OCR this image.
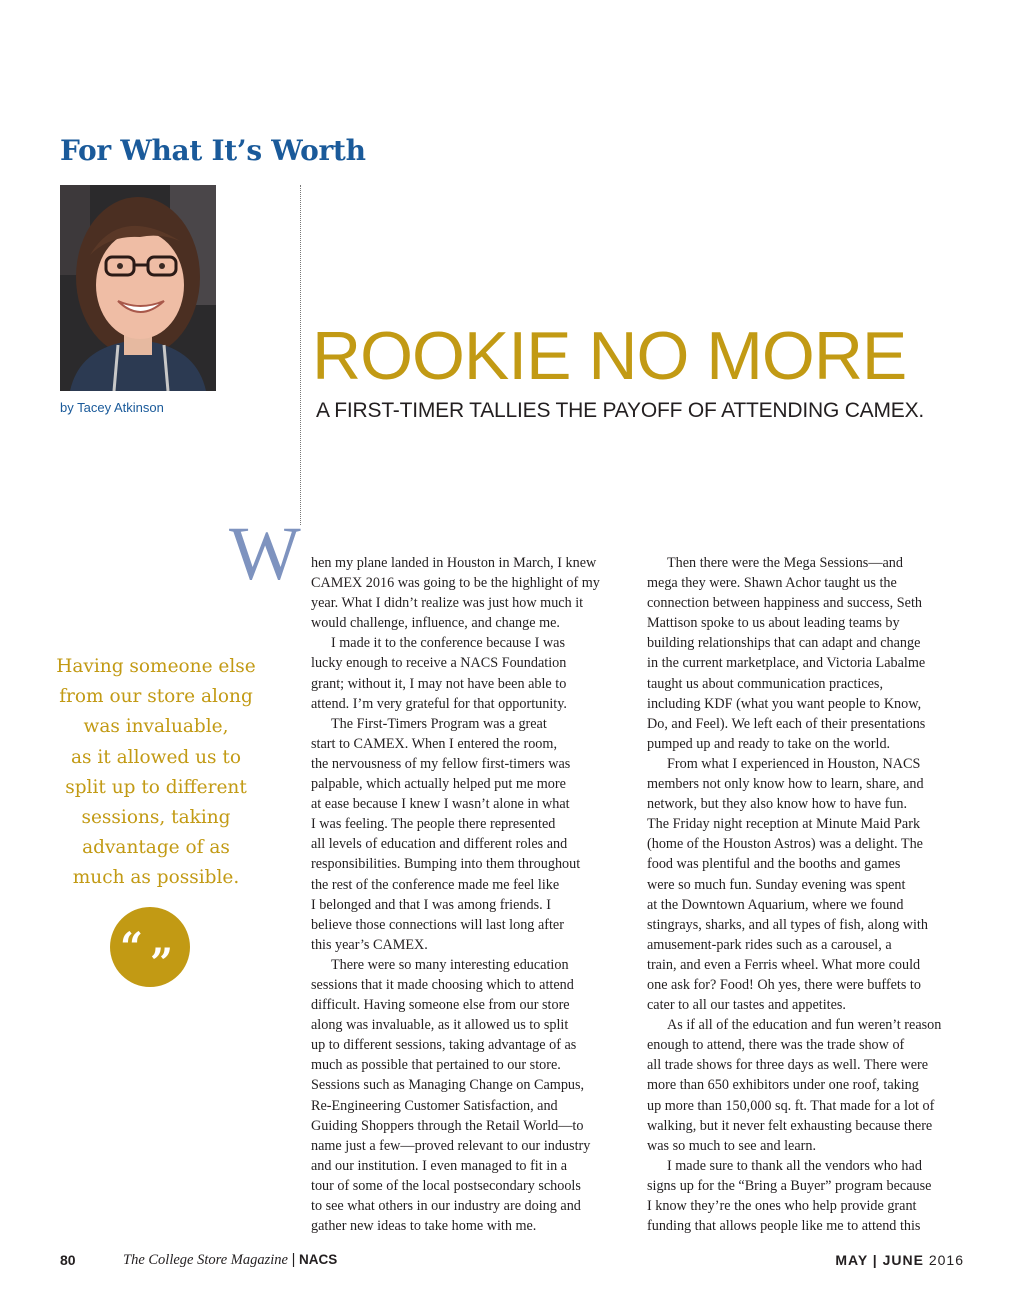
For What It’s Worth
by Tacey Atkinson
ROOKIE NO MORE
A FIRST-TIMER TALLIES THE PAYOFF OF ATTENDING CAMEX.
W
Having someone else
from our store along
was invaluable,
as it allowed us to
split up to different
sessions, taking
advantage of as
much as possible.
“ ”
hen my plane landed in Houston in March, I knew
CAMEX 2016 was going to be the highlight of my
year. What I didn’t realize was just how much it
would challenge, influence, and change me.
I made it to the conference because I was
lucky enough to receive a NACS Foundation
grant; without it, I may not have been able to
attend. I’m very grateful for that opportunity.
The First-Timers Program was a great
start to CAMEX. When I entered the room,
the nervousness of my fellow first-timers was
palpable, which actually helped put me more
at ease because I knew I wasn’t alone in what
I was feeling. The people there represented
all levels of education and different roles and
responsibilities. Bumping into them throughout
the rest of the conference made me feel like
I belonged and that I was among friends. I
believe those connections will last long after
this year’s CAMEX.
There were so many interesting education
sessions that it made choosing which to attend
difficult. Having someone else from our store
along was invaluable, as it allowed us to split
up to different sessions, taking advantage of as
much as possible that pertained to our store.
Sessions such as Managing Change on Campus,
Re-Engineering Customer Satisfaction, and
Guiding Shoppers through the Retail World—to
name just a few—proved relevant to our industry
and our institution. I even managed to fit in a
tour of some of the local postsecondary schools
to see what others in our industry are doing and
gather new ideas to take home with me.
Then there were the Mega Sessions—and
mega they were. Shawn Achor taught us the
connection between happiness and success, Seth
Mattison spoke to us about leading teams by
building relationships that can adapt and change
in the current marketplace, and Victoria Labalme
taught us about communication practices,
including KDF (what you want people to Know,
Do, and Feel). We left each of their presentations
pumped up and ready to take on the world.
From what I experienced in Houston, NACS
members not only know how to learn, share, and
network, but they also know how to have fun.
The Friday night reception at Minute Maid Park
(home of the Houston Astros) was a delight. The
food was plentiful and the booths and games
were so much fun. Sunday evening was spent
at the Downtown Aquarium, where we found
stingrays, sharks, and all types of fish, along with
amusement-park rides such as a carousel, a
train, and even a Ferris wheel. What more could
one ask for? Food! Oh yes, there were buffets to
cater to all our tastes and appetites.
As if all of the education and fun weren’t reason
enough to attend, there was the trade show of
all trade shows for three days as well. There were
more than 650 exhibitors under one roof, taking
up more than 150,000 sq. ft. That made for a lot of
walking, but it never felt exhausting because there
was so much to see and learn.
I made sure to thank all the vendors who had
signs up for the “Bring a Buyer” program because
I know they’re the ones who help provide grant
funding that allows people like me to attend this
80	The College Store Magazine | NACS	MAY | JUNE 2016
